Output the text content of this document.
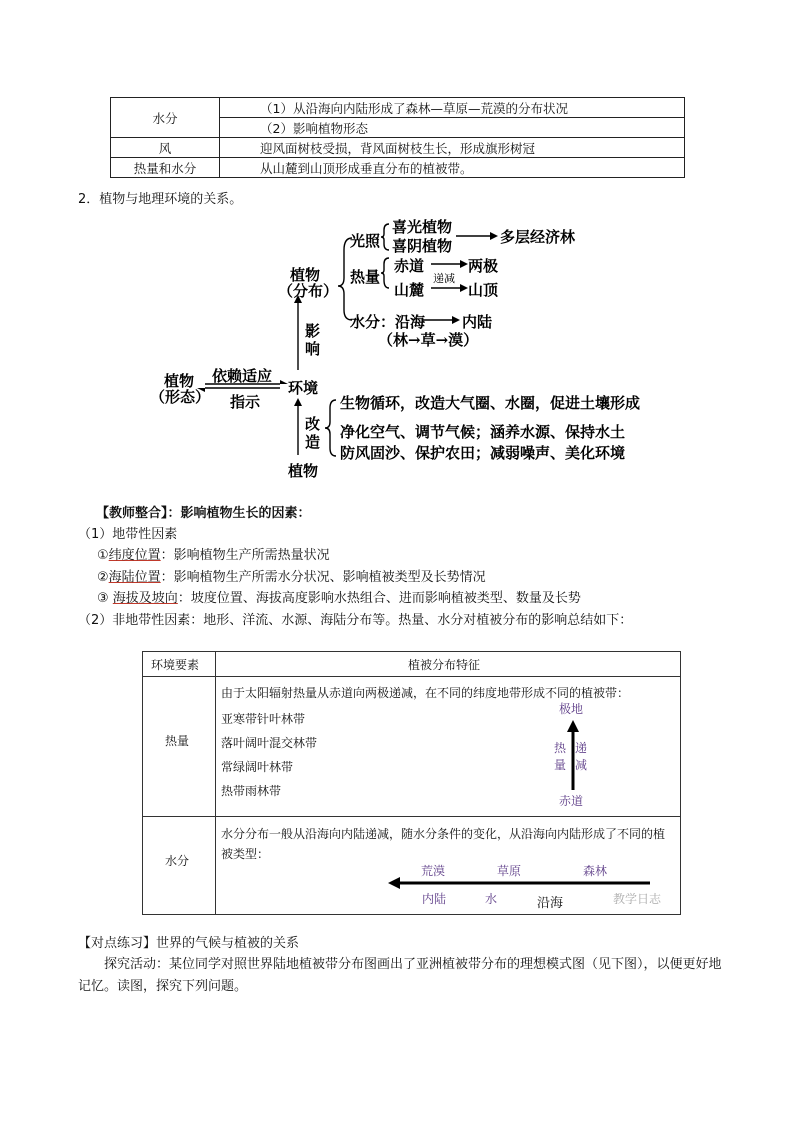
水分	（1）从沿海向内陆形成了森林—草原—荒漠的分布状况
	（2）影响植物形态
风	迎风面树枝受损，背风面树枝生长，形成旗形树冠
热量和水分	从山麓到山顶形成垂直分布的植被带。
2．植物与地理环境的关系。
植物
（分布）
光照
喜光植物
喜阴植物	多层经济林
热量
赤道	两极
山麓	山顶
递减
水分：沿海 内陆
（林→草→漠）
影响
植物
（形态）
依赖适应
指示
环境
改造
植物
生物循环，改造大气圈、水圈，促进土壤形成
净化空气、调节气候；涵养水源、保持水土
防风固沙、保护农田；减弱噪声、美化环境
【教师整合】：影响植物生长的因素：
（1）地带性因素
①纬度位置：影响植物生产所需热量状况
②海陆位置：影响植物生产所需水分状况、影响植被类型及长势情况
③ 海拔及坡向：坡度位置、海拔高度影响水热组合、进而影响植被类型、数量及长势
（2）非地带性因素：地形、洋流、水源、海陆分布等。热量、水分对植被分布的影响总结如下：
环境要素	植被分布特征
热量
由于太阳辐射热量从赤道向两极递减，在不同的纬度地带形成不同的植被带：
亚寒带针叶林带
落叶阔叶混交林带
常绿阔叶林带
热带雨林带
极地
热量
递减
赤道
水分
水分分布一般从沿海向内陆递减，随水分条件的变化，从沿海向内陆形成了不同的植被类型：
荒漠	草原	森林
内陆	水	沿海	教学日志
【对点练习】世界的气候与植被的关系
探究活动：某位同学对照世界陆地植被带分布图画出了亚洲植被带分布的理想模式图（见下图），以便更好地记忆。读图，探究下列问题。
